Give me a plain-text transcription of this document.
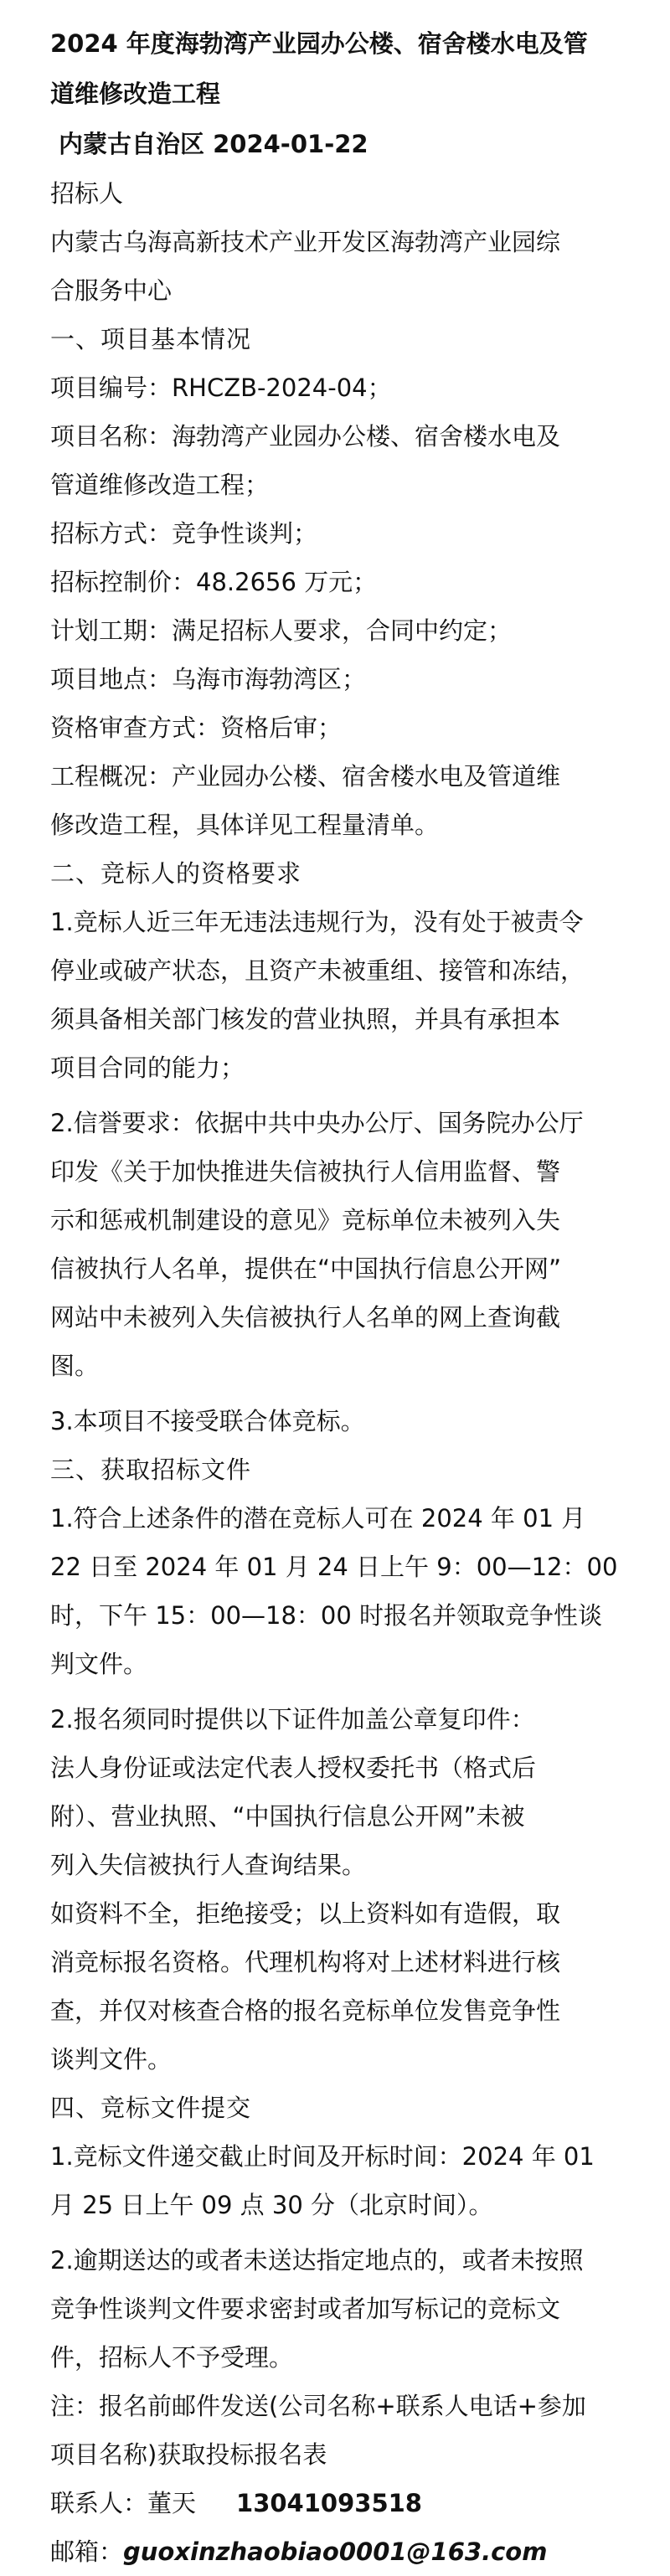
2024 年度海勃湾产业园办公楼、宿舍楼水电及管

道维修改造工程

内蒙古自治区 2024-01-22

招标人

内蒙古乌海高新技术产业开发区海勃湾产业园综

合服务中心

一、项目基本情况

项目编号：RHCZB-2024-04；

项目名称：海勃湾产业园办公楼、宿舍楼水电及

管道维修改造工程；

招标方式：竞争性谈判；

招标控制价：48.2656 万元；

计划工期：满足招标人要求，合同中约定；

项目地点：乌海市海勃湾区；

资格审查方式：资格后审；

工程概况：产业园办公楼、宿舍楼水电及管道维

修改造工程，具体详见工程量清单。

二、竞标人的资格要求

1.竞标人近三年无违法违规行为，没有处于被责令

停业或破产状态，且资产未被重组、接管和冻结，

须具备相关部门核发的营业执照，并具有承担本

项目合同的能力；

2.信誉要求：依据中共中央办公厅、国务院办公厅

印发《关于加快推进失信被执行人信用监督、警

示和惩戒机制建设的意见》竞标单位未被列入失

信被执行人名单，提供在“中国执行信息公开网”

网站中未被列入失信被执行人名单的网上查询截

图。

3.本项目不接受联合体竞标。

三、获取招标文件

1.符合上述条件的潜在竞标人可在 2024 年 01 月

22 日至 2024 年 01 月 24 日上午 9：00—12：00

时，下午 15：00—18：00 时报名并领取竞争性谈

判文件。

2.报名须同时提供以下证件加盖公章复印件：

法人身份证或法定代表人授权委托书（格式后

附）、营业执照、“中国执行信息公开网”未被

列入失信被执行人查询结果。

如资料不全，拒绝接受；以上资料如有造假，取

消竞标报名资格。代理机构将对上述材料进行核

查，并仅对核查合格的报名竞标单位发售竞争性

谈判文件。

四、竞标文件提交

1.竞标文件递交截止时间及开标时间：2024 年 01

月 25 日上午 09 点 30 分（北京时间）。

2.逾期送达的或者未送达指定地点的，或者未按照

竞争性谈判文件要求密封或者加写标记的竞标文

件，招标人不予受理。

注：报名前邮件发送(公司名称+联系人电话+参加

项目名称)获取投标报名表

联系人：董天 13041093518

邮箱：guoxinzhaobiao0001@163.com
